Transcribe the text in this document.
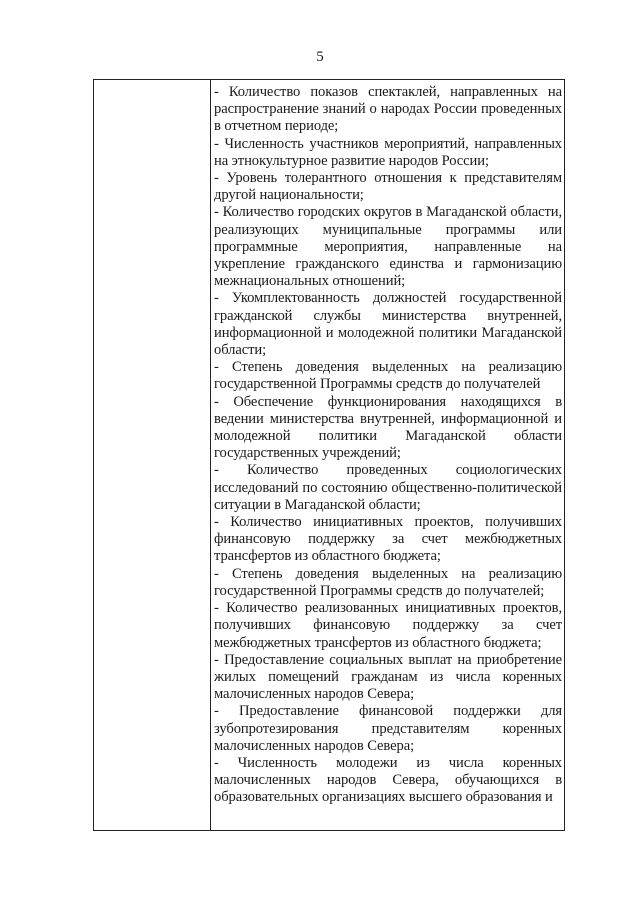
5

- Количество показов спектаклей, направленных на распространение знаний о народах России проведенных в отчетном периоде;

- Численность участников мероприятий, направленных на этнокультурное развитие народов России;

- Уровень толерантного отношения к представителям другой национальности;

- Количество городских округов в Магаданской области, реализующих муниципальные программы или программные мероприятия, направленные на укрепление гражданского единства и гармонизацию межнациональных отношений;

- Укомплектованность должностей государственной гражданской службы министерства внутренней, информационной и молодежной политики Магаданской области;

- Степень доведения выделенных на реализацию государственной Программы средств до получателей

- Обеспечение функционирования находящихся в ведении министерства внутренней, информационной и молодежной политики Магаданской области государственных учреждений;

- Количество проведенных социологических исследований по состоянию общественно-политической ситуации в Магаданской области;

- Количество инициативных проектов, получивших финансовую поддержку за счет межбюджетных трансфертов из областного бюджета;

- Степень доведения выделенных на реализацию государственной Программы средств до получателей;

- Количество реализованных инициативных проектов, получивших финансовую поддержку за счет межбюджетных трансфертов из областного бюджета;

- Предоставление социальных выплат на приобретение жилых помещений гражданам из числа коренных малочисленных народов Севера;

- Предоставление финансовой поддержки для зубопротезирования представителям коренных малочисленных народов Севера;

- Численность молодежи из числа коренных малочисленных народов Севера, обучающихся в образовательных организациях высшего образования и
